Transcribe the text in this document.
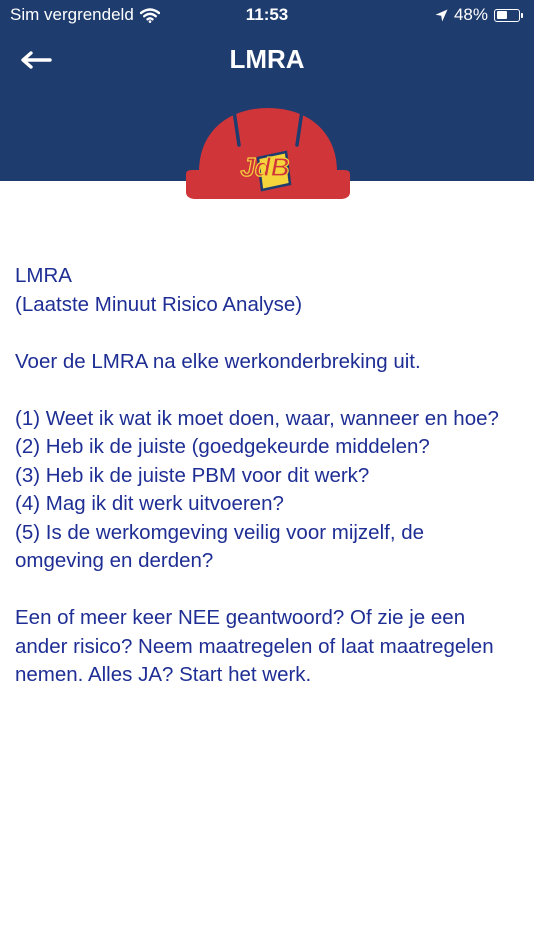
Sim vergrendeld	11:53	48%
LMRA
JdB

LMRA

(Laatste Minuut Risico Analyse)

Voer de LMRA na elke werkonderbreking uit.

(1) Weet ik wat ik moet doen, waar, wanneer en hoe?

(2) Heb ik de juiste (goedgekeurde middelen?

(3) Heb ik de juiste PBM voor dit werk?

(4) Mag ik dit werk uitvoeren?

(5) Is de werkomgeving veilig voor mijzelf, de omgeving en derden?

Een of meer keer NEE geantwoord? Of zie je een ander risico? Neem maatregelen of laat maatregelen nemen. Alles JA? Start het werk.
